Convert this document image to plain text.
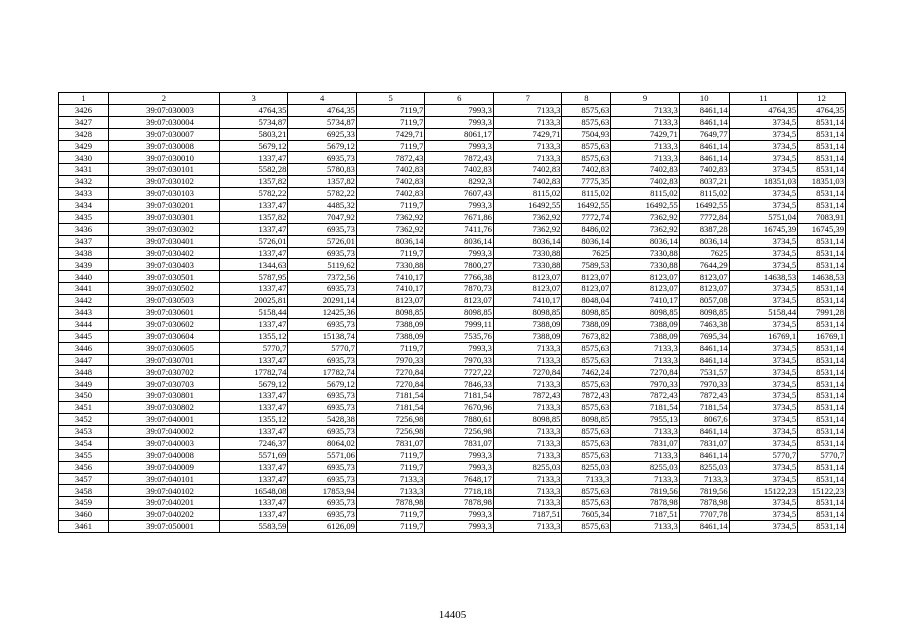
1	2	3	4	5	6	7	8	9	10	11	12
3426	39:07:030003	4764,35	4764,35	7119,7	7993,3	7133,3	8575,63	7133,3	8461,14	4764,35	4764,35
3427	39:07:030004	5734,87	5734,87	7119,7	7993,3	7133,3	8575,63	7133,3	8461,14	3734,5	8531,14
3428	39:07:030007	5803,21	6925,33	7429,71	8061,17	7429,71	7504,93	7429,71	7649,77	3734,5	8531,14
3429	39:07:030008	5679,12	5679,12	7119,7	7993,3	7133,3	8575,63	7133,3	8461,14	3734,5	8531,14
3430	39:07:030010	1337,47	6935,73	7872,43	7872,43	7133,3	8575,63	7133,3	8461,14	3734,5	8531,14
3431	39:07:030101	5582,28	5780,83	7402,83	7402,83	7402,83	7402,83	7402,83	7402,83	3734,5	8531,14
3432	39:07:030102	1357,82	1357,82	7402,83	8292,3	7402,83	7775,35	7402,83	8037,21	18351,03	18351,03
3433	39:07:030103	5782,22	5782,22	7402,83	7607,43	8115,02	8115,02	8115,02	8115,02	3734,5	8531,14
3434	39:07:030201	1337,47	4485,32	7119,7	7993,3	16492,55	16492,55	16492,55	16492,55	3734,5	8531,14
3435	39:07:030301	1357,82	7047,92	7362,92	7671,86	7362,92	7772,74	7362,92	7772,84	5751,04	7083,91
3436	39:07:030302	1337,47	6935,73	7362,92	7411,76	7362,92	8486,02	7362,92	8387,28	16745,39	16745,39
3437	39:07:030401	5726,01	5726,01	8036,14	8036,14	8036,14	8036,14	8036,14	8036,14	3734,5	8531,14
3438	39:07:030402	1337,47	6935,73	7119,7	7993,3	7330,88	7625	7330,88	7625	3734,5	8531,14
3439	39:07:030403	1344,63	5119,62	7330,88	7800,27	7330,88	7589,53	7330,88	7644,29	3734,5	8531,14
3440	39:07:030501	5787,95	7372,56	7410,17	7766,38	8123,07	8123,07	8123,07	8123,07	14638,53	14638,53
3441	39:07:030502	1337,47	6935,73	7410,17	7870,73	8123,07	8123,07	8123,07	8123,07	3734,5	8531,14
3442	39:07:030503	20025,81	20291,14	8123,07	8123,07	7410,17	8048,04	7410,17	8057,08	3734,5	8531,14
3443	39:07:030601	5158,44	12425,36	8098,85	8098,85	8098,85	8098,85	8098,85	8098,85	5158,44	7991,28
3444	39:07:030602	1337,47	6935,73	7388,09	7999,11	7388,09	7388,09	7388,09	7463,38	3734,5	8531,14
3445	39:07:030604	1355,12	15138,74	7388,09	7535,76	7388,09	7673,82	7388,09	7695,34	16769,1	16769,1
3446	39:07:030605	5770,7	5770,7	7119,7	7993,3	7133,3	8575,63	7133,3	8461,14	3734,5	8531,14
3447	39:07:030701	1337,47	6935,73	7970,33	7970,33	7133,3	8575,63	7133,3	8461,14	3734,5	8531,14
3448	39:07:030702	17782,74	17782,74	7270,84	7727,22	7270,84	7462,24	7270,84	7531,57	3734,5	8531,14
3449	39:07:030703	5679,12	5679,12	7270,84	7846,33	7133,3	8575,63	7970,33	7970,33	3734,5	8531,14
3450	39:07:030801	1337,47	6935,73	7181,54	7181,54	7872,43	7872,43	7872,43	7872,43	3734,5	8531,14
3451	39:07:030802	1337,47	6935,73	7181,54	7670,96	7133,3	8575,63	7181,54	7181,54	3734,5	8531,14
3452	39:07:040001	1355,12	5428,38	7256,98	7880,61	8098,85	8098,85	7955,13	8067,6	3734,5	8531,14
3453	39:07:040002	1337,47	6935,73	7256,98	7256,98	7133,3	8575,63	7133,3	8461,14	3734,5	8531,14
3454	39:07:040003	7246,37	8064,02	7831,07	7831,07	7133,3	8575,63	7831,07	7831,07	3734,5	8531,14
3455	39:07:040008	5571,69	5571,06	7119,7	7993,3	7133,3	8575,63	7133,3	8461,14	5770,7	5770,7
3456	39:07:040009	1337,47	6935,73	7119,7	7993,3	8255,03	8255,03	8255,03	8255,03	3734,5	8531,14
3457	39:07:040101	1337,47	6935,73	7133,3	7648,17	7133,3	7133,3	7133,3	7133,3	3734,5	8531,14
3458	39:07:040102	16548,08	17853,94	7133,3	7718,18	7133,3	8575,63	7819,56	7819,56	15122,23	15122,23
3459	39:07:040201	1337,47	6935,73	7878,98	7878,98	7133,3	8575,63	7878,98	7878,98	3734,5	8531,14
3460	39:07:040202	1337,47	6935,73	7119,7	7993,3	7187,51	7605,34	7187,51	7707,78	3734,5	8531,14
3461	39:07:050001	5583,59	6126,09	7119,7	7993,3	7133,3	8575,63	7133,3	8461,14	3734,5	8531,14
14405
